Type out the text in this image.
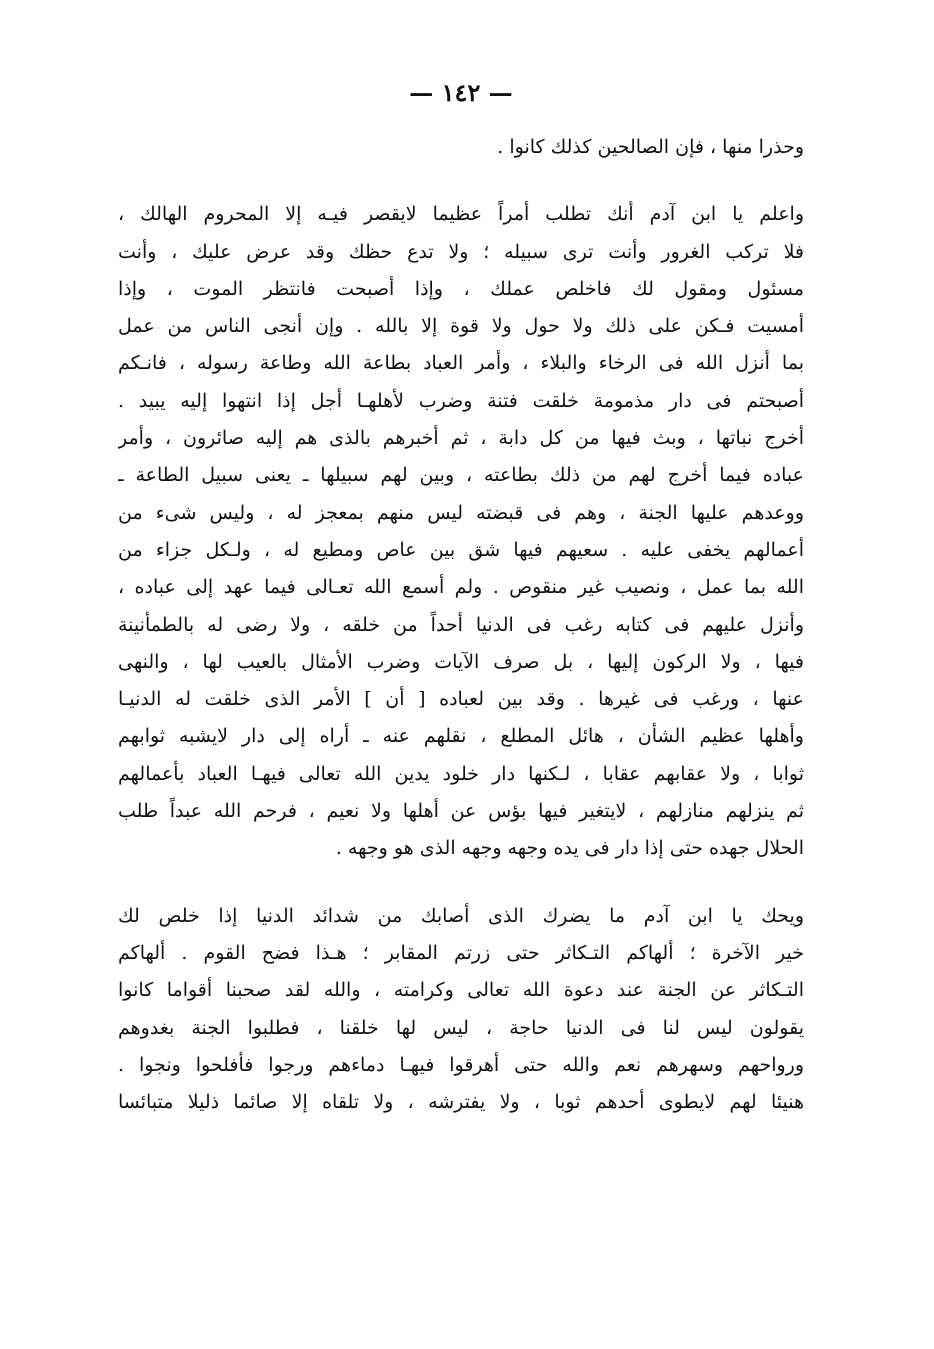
— ١٤٢ —
وحذرا منها ، فإن الصالحين كذلك كانوا .
واعلم يا ابن آدم أنك تطلب أمراً عظيما لايقصر فيـه إلا المحروم الهالك ،
فلا تركب الغرور وأنت ترى سبيله ؛ ولا تدع حظك وقد عرض عليك ، وأنت
مسئول ومقول لك فاخلص عملك ، وإذا أصبحت فانتظر الموت ، وإذا
أمسيت فـكن على ذلك ولا حول ولا قوة إلا بالله . وإن أنجى الناس من عمل
بما أنزل الله فى الرخاء والبلاء ، وأمر العباد بطاعة الله وطاعة رسوله ، فانـكم
أصبحتم فى دار مذمومة خلقت فتنة وضرب لأهلهـا أجل إذا انتهوا إليه يبيد .
أخرج نباتها ، وبث فيها من كل دابة ، ثم أخبرهم بالذى هم إليه صائرون ، وأمر
عباده فيما أخرج لهم من ذلك بطاعته ، وبين لهم سبيلها ـ يعنى سبيل الطاعة ـ
ووعدهم عليها الجنة ، وهم فى قبضته ليس منهم بمعجز له ، وليس شىء من
أعمالهم يخفى عليه . سعيهم فيها شق بين عاص ومطيع له ، ولـكل جزاء من
الله بما عمل ، ونصيب غير منقوص . ولم أسمع الله تعـالى فيما عهد إلى عباده ،
وأنزل عليهم فى كتابه رغب فى الدنيا أحداً من خلقه ، ولا رضى له بالطمأنينة
فيها ، ولا الركون إليها ، بل صرف الآيات وضرب الأمثال بالعيب لها ، والنهى
عنها ، ورغب فى غيرها . وقد بين لعباده [ أن ] الأمر الذى خلقت له الدنيـا
وأهلها عظيم الشأن ، هائل المطلع ، نقلهم عنه ـ أراه إلى دار لايشبه ثوابهم
ثوابا ، ولا عقابهم عقابا ، لـكنها دار خلود يدين الله تعالى فيهـا العباد بأعمالهم
ثم ينزلهم منازلهم ، لايتغير فيها بؤس عن أهلها ولا نعيم ، فرحم الله عبداً طلب
الحلال جهده حتى إذا دار فى يده وجهه وجهه الذى هو وجهه .
ويحك يا ابن آدم ما يضرك الذى أصابك من شدائد الدنيا إذا خلص لك
خير الآخرة ؛ ألهاكم التـكاثر حتى زرتم المقابر ؛ هـذا فضح القوم . ألهاكم
التـكاثر عن الجنة عند دعوة الله تعالى وكرامته ، والله لقد صحبنا أقواما كانوا
يقولون ليس لنا فى الدنيا حاجة ، ليس لها خلقنا ، فطلبوا الجنة بغدوهم
ورواحهم وسهرهم نعم والله حتى أهرقوا فيهـا دماءهم ورجوا فأفلحوا ونجوا .
هنيئا لهم لايطوى أحدهم ثوبا ، ولا يفترشه ، ولا تلقاه إلا صائما ذليلا متبائسا
